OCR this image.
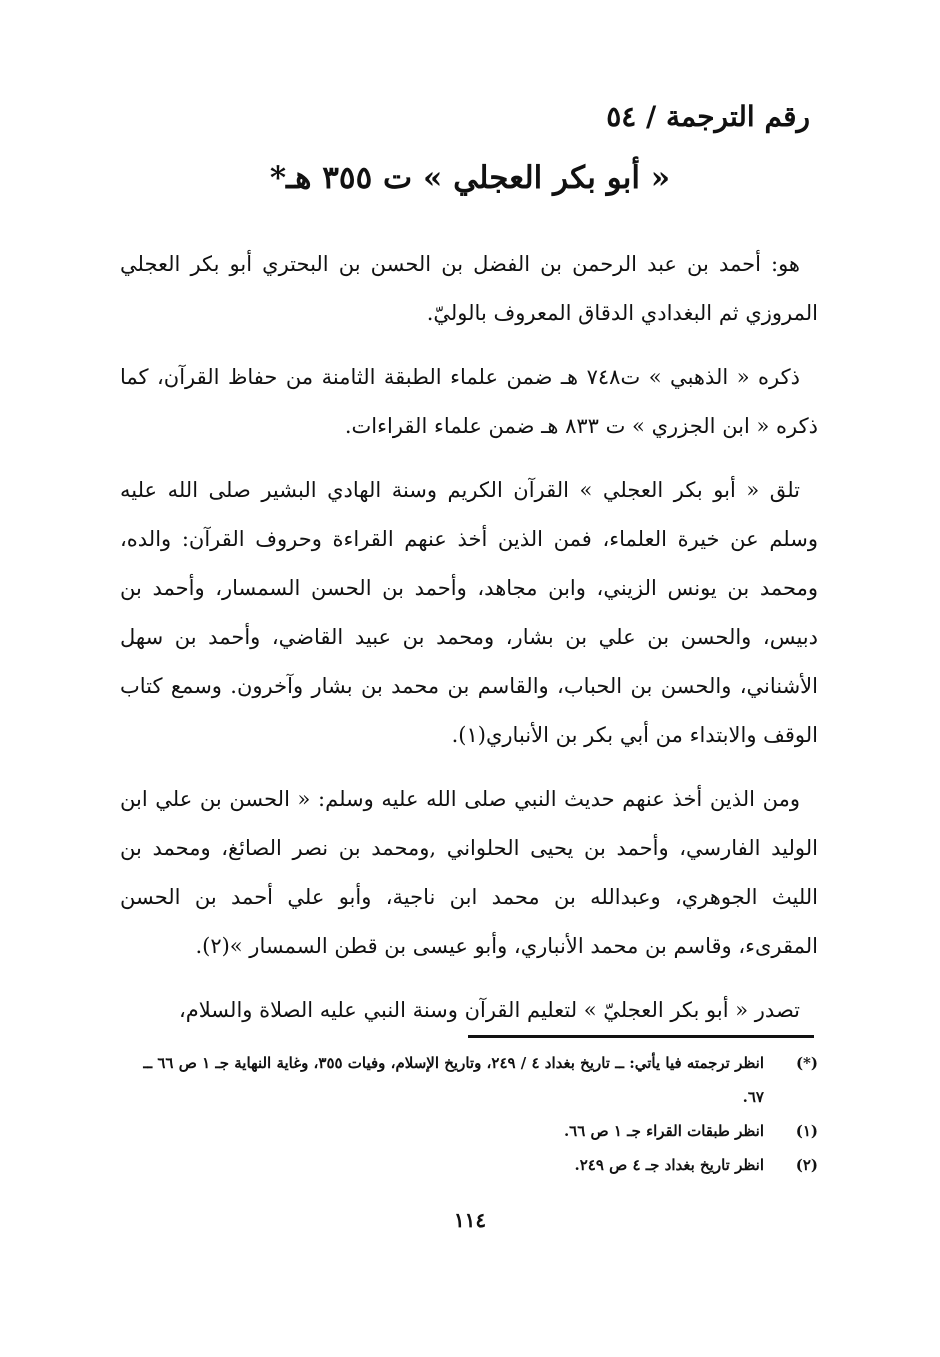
رقم الترجمة / ٥٤
« أبو بكر العجلي » ت ٣٥٥ هـ*

هو: أحمد بن عبد الرحمن بن الفضل بن الحسن بن البحتري أبو بكر العجلي المروزي ثم البغدادي الدقاق المعروف بالوليّ.

ذكره « الذهبي » ت٧٤٨ هـ ضمن علماء الطبقة الثامنة من حفاظ القرآن، كما ذكره « ابن الجزري » ت ٨٣٣ هـ ضمن علماء القراءات.

تلق « أبو بكر العجلي » القرآن الكريم وسنة الهادي البشير صلى الله عليه وسلم عن خيرة العلماء، فمن الذين أخذ عنهم القراءة وحروف القرآن: والده، ومحمد بن يونس الزيني، وابن مجاهد، وأحمد بن الحسن السمسار، وأحمد بن دبيس، والحسن بن علي بن بشار، ومحمد بن عبيد القاضي، وأحمد بن سهل الأشناني، والحسن بن الحباب، والقاسم بن محمد بن بشار وآخرون. وسمع كتاب الوقف والابتداء من أبي بكر بن الأنباري(١).

ومن الذين أخذ عنهم حديث النبي صلى الله عليه وسلم: « الحسن بن علي ابن الوليد الفارسي، وأحمد بن يحيى الحلواني ,ومحمد بن نصر الصائغ، ومحمد بن الليث الجوهري، وعبدالله بن محمد ابن ناجية، وأبو علي أحمد بن الحسن المقرىء، وقاسم بن محمد الأنباري، وأبو عيسى بن قطن السمسار »(٢).

تصدر « أبو بكر العجليّ » لتعليم القرآن وسنة النبي عليه الصلاة والسلام،

(*)
انظر ترجمته فيا يأتي: ــ تاريخ بغداد ٤ / ٢٤٩، وتاريخ الإسلام، وفيات ٣٥٥، وغاية النهاية جـ ١ ص ٦٦ ــ ٦٧.
(١)
انظر طبقات القراء جـ ١ ص ٦٦.
(٢)
انظر تاريخ بغداد جـ ٤ ص ٢٤٩.
١١٤
